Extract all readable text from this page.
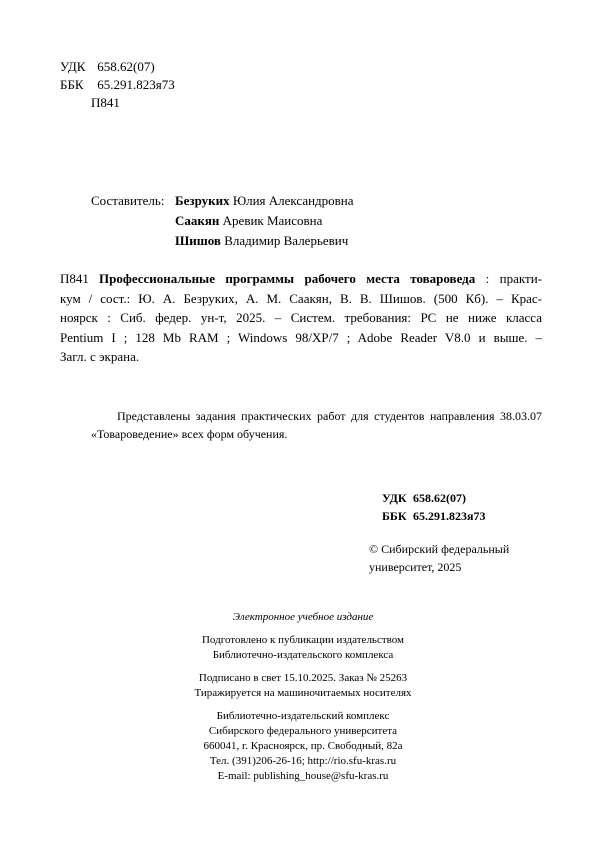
УДК 658.62(07)
ББК 65.291.823я73
П841
Составитель: Безруких Юлия Александровна
Саакян Аревик Маисовна
Шишов Владимир Валерьевич
П841 Профессиональные программы рабочего места товароведа : практи-
кум / сост.: Ю. А. Безруких, А. М. Саакян, В. В. Шишов. (500 Кб). – Крас-
ноярск : Сиб. федер. ун-т, 2025. – Систем. требования: PC не ниже класса
Pentium I ; 128 Mb RAM ; Windows 98/XP/7 ; Adobe Reader V8.0 и выше. –
Загл. с экрана.
Представлены задания практических работ для студентов направления 38.03.07
«Товароведение» всех форм обучения.
УДК 658.62(07)
ББК 65.291.823я73
© Сибирский федеральный
университет, 2025
Электронное учебное издание
Подготовлено к публикации издательством
Библиотечно-издательского комплекса
Подписано в свет 15.10.2025. Заказ № 25263
Тиражируется на машиночитаемых носителях
Библиотечно-издательский комплекс
Сибирского федерального университета
660041, г. Красноярск, пр. Свободный, 82а
Тел. (391)206-26-16; http://rio.sfu-kras.ru
E-mail: publishing_house@sfu-kras.ru
